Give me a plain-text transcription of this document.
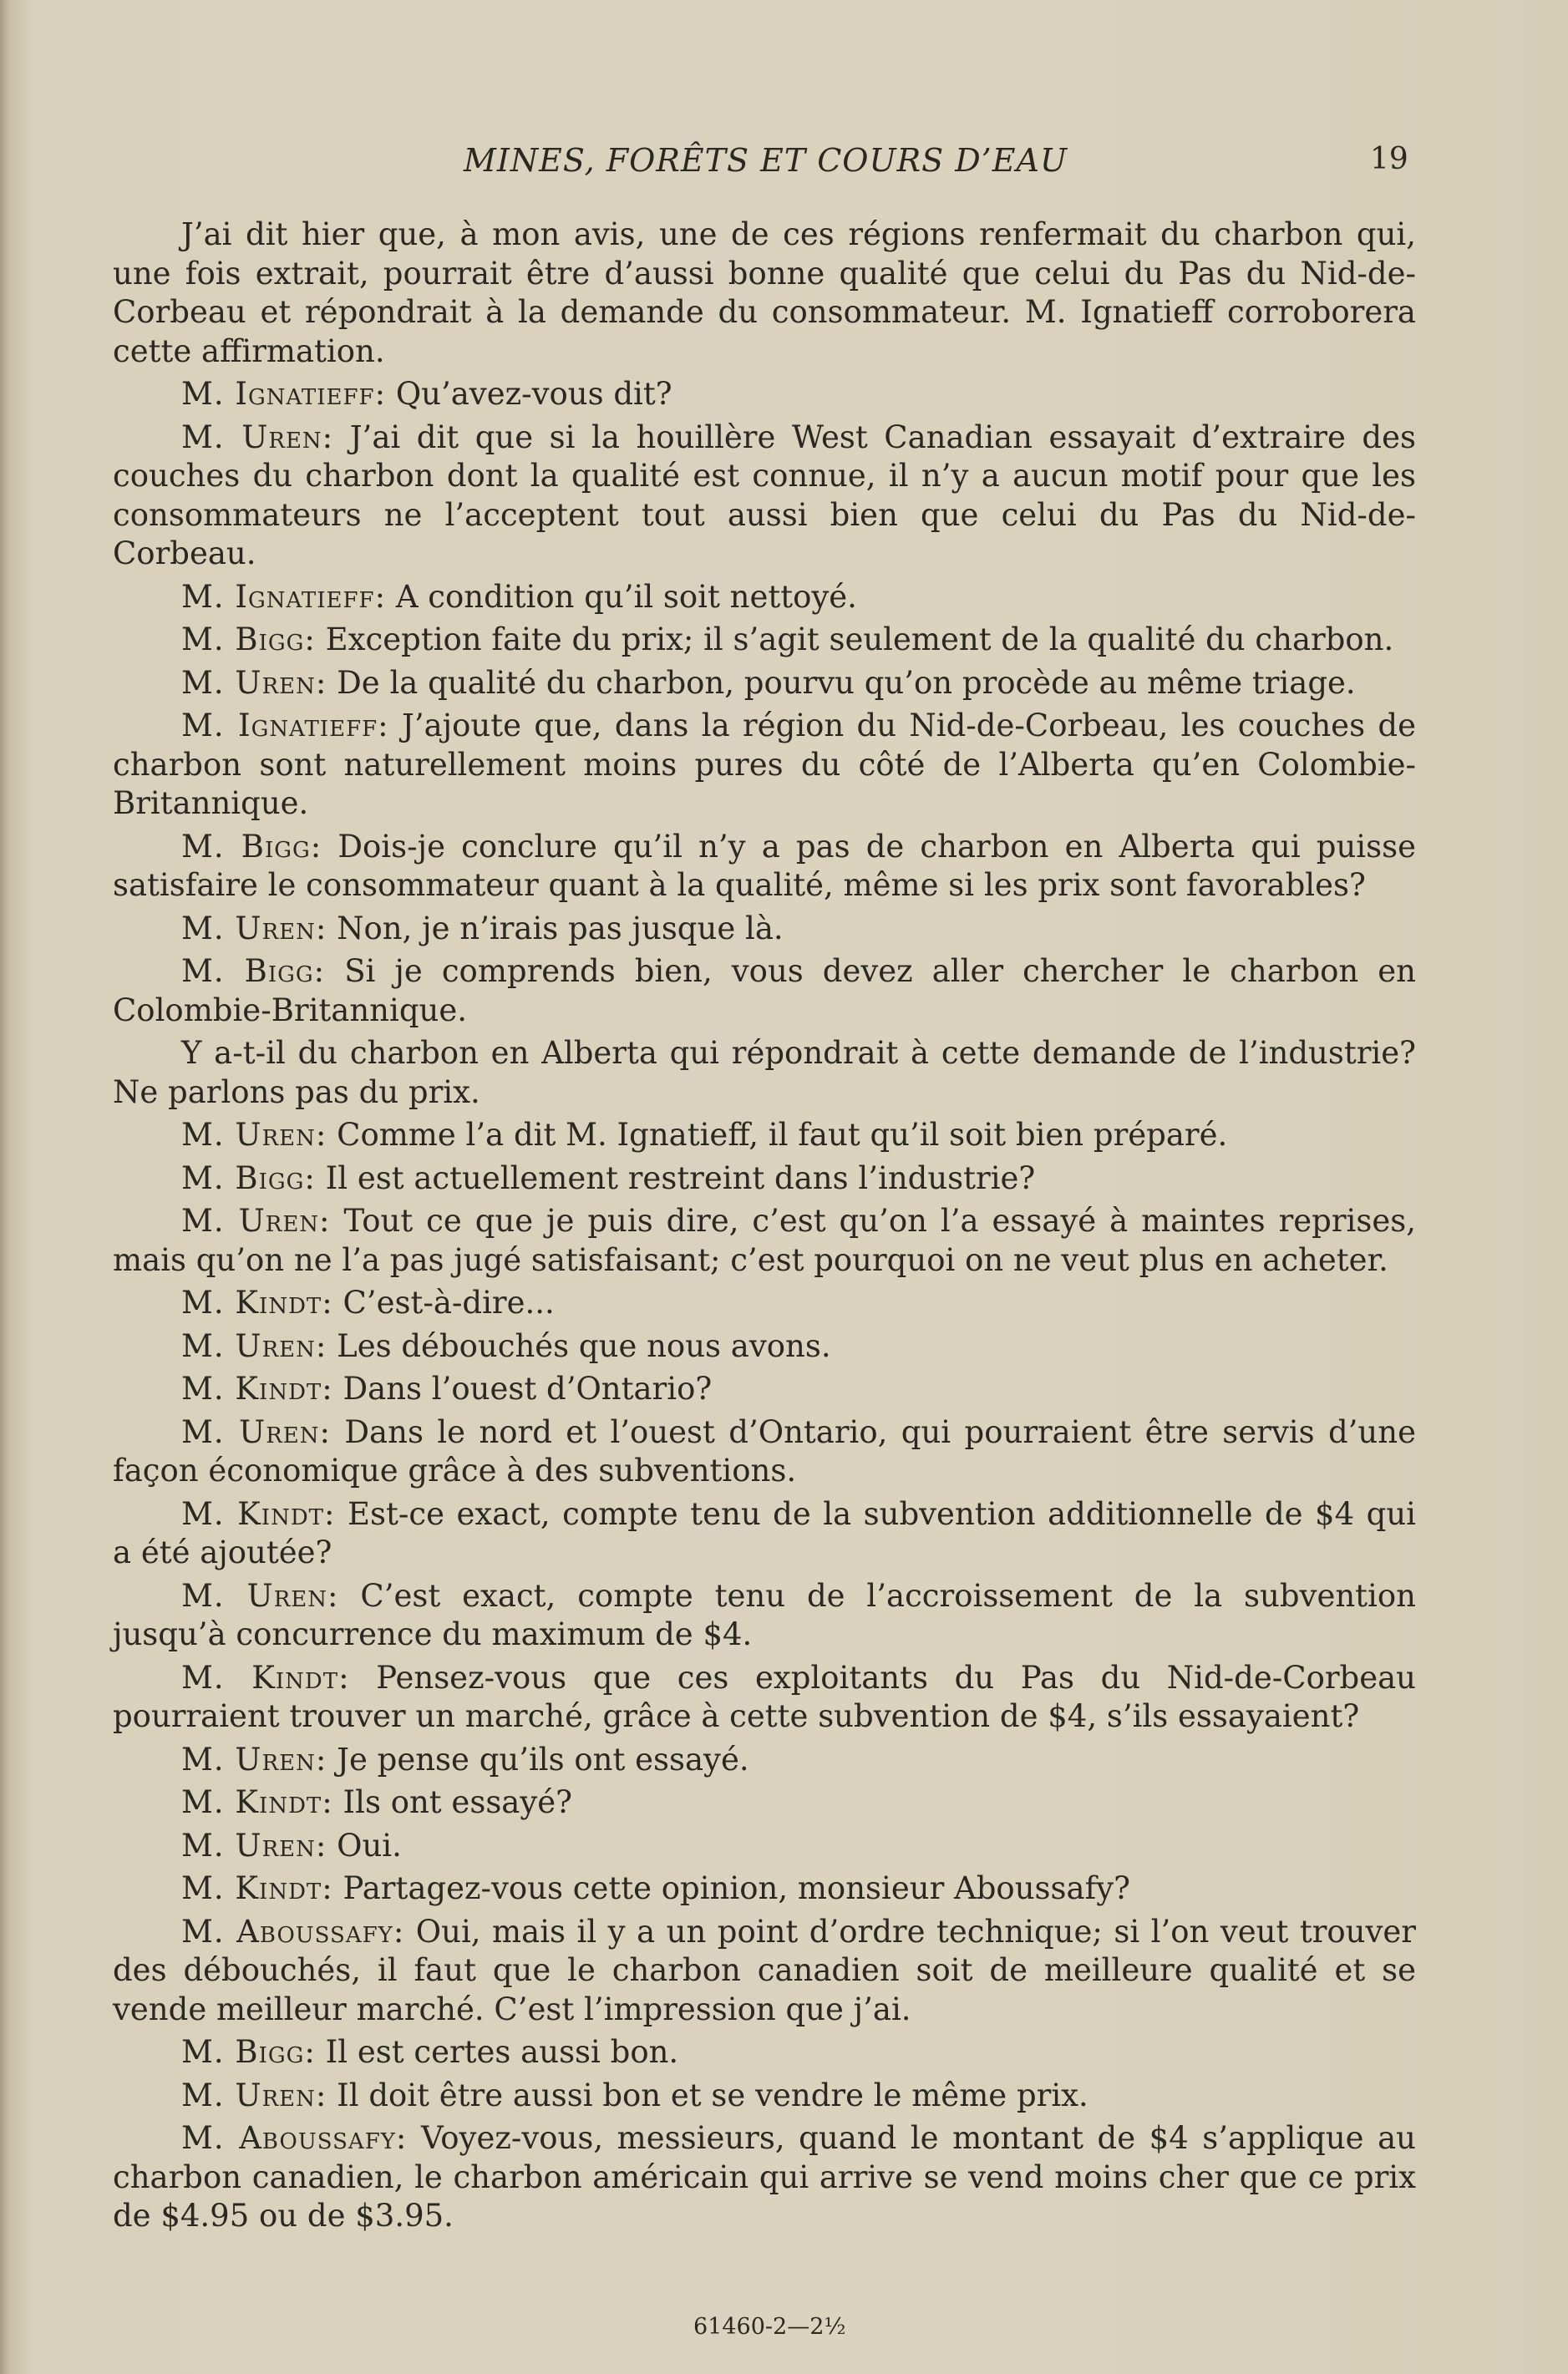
MINES, FORÊTS ET COURS D’EAU	19

J’ai dit hier que, à mon avis, une de ces régions renfermait du charbon qui, une fois extrait, pourrait être d’aussi bonne qualité que celui du Pas du Nid-de-Corbeau et répondrait à la demande du consommateur. M. Ignatieff corroborera cette affirmation.

M. Ignatieff: Qu’avez-vous dit?

M. Uren: J’ai dit que si la houillère West Canadian essayait d’extraire des couches du charbon dont la qualité est connue, il n’y a aucun motif pour que les consommateurs ne l’acceptent tout aussi bien que celui du Pas du Nid-de-Corbeau.

M. Ignatieff: A condition qu’il soit nettoyé.

M. Bigg: Exception faite du prix; il s’agit seulement de la qualité du charbon.

M. Uren: De la qualité du charbon, pourvu qu’on procède au même triage.

M. Ignatieff: J’ajoute que, dans la région du Nid-de-Corbeau, les couches de charbon sont naturellement moins pures du côté de l’Alberta qu’en Colombie-Britannique.

M. Bigg: Dois-je conclure qu’il n’y a pas de charbon en Alberta qui puisse satisfaire le consommateur quant à la qualité, même si les prix sont favorables?

M. Uren: Non, je n’irais pas jusque là.

M. Bigg: Si je comprends bien, vous devez aller chercher le charbon en Colombie-Britannique.

Y a-t-il du charbon en Alberta qui répondrait à cette demande de l’industrie? Ne parlons pas du prix.

M. Uren: Comme l’a dit M. Ignatieff, il faut qu’il soit bien préparé.

M. Bigg: Il est actuellement restreint dans l’industrie?

M. Uren: Tout ce que je puis dire, c’est qu’on l’a essayé à maintes reprises, mais qu’on ne l’a pas jugé satisfaisant; c’est pourquoi on ne veut plus en acheter.

M. Kindt: C’est-à-dire...

M. Uren: Les débouchés que nous avons.

M. Kindt: Dans l’ouest d’Ontario?

M. Uren: Dans le nord et l’ouest d’Ontario, qui pourraient être servis d’une façon économique grâce à des subventions.

M. Kindt: Est-ce exact, compte tenu de la subvention additionnelle de $4 qui a été ajoutée?

M. Uren: C’est exact, compte tenu de l’accroissement de la subvention jusqu’à concurrence du maximum de $4.

M. Kindt: Pensez-vous que ces exploitants du Pas du Nid-de-Corbeau pourraient trouver un marché, grâce à cette subvention de $4, s’ils essayaient?

M. Uren: Je pense qu’ils ont essayé.

M. Kindt: Ils ont essayé?

M. Uren: Oui.

M. Kindt: Partagez-vous cette opinion, monsieur Aboussafy?

M. Aboussafy: Oui, mais il y a un point d’ordre technique; si l’on veut trouver des débouchés, il faut que le charbon canadien soit de meilleure qualité et se vende meilleur marché. C’est l’impression que j’ai.

M. Bigg: Il est certes aussi bon.

M. Uren: Il doit être aussi bon et se vendre le même prix.

M. Aboussafy: Voyez-vous, messieurs, quand le montant de $4 s’applique au charbon canadien, le charbon américain qui arrive se vend moins cher que ce prix de $4.95 ou de $3.95.

61460-2—2½
